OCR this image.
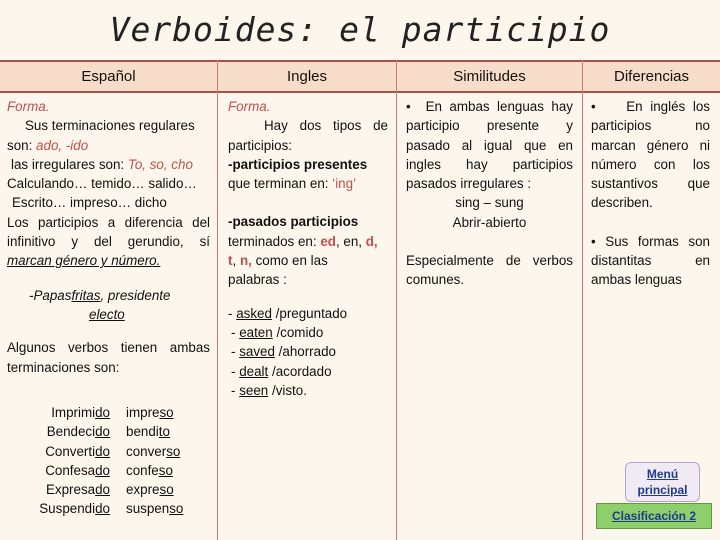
Verboides: el participio
Español
Forma.
Sus terminaciones regulares
son: ado, -ido
las irregulares son: To, so, cho
Calculando… temido… salido…
Escrito… impreso… dicho
Los participios a diferencia del
infinitivo y del gerundio, sí
marcan género y número.
-Papasfritas, presidente
electo
Algunos verbos tienen ambas terminaciones son:
Ingles
Forma.
Hay dos tipos de
participios:
-participios presentes
que terminan en: ‘ing’
-pasados participios
terminados en: ed, en, d,
t, n, como en las
palabras :
- asked /preguntado
- eaten /comido
- saved /ahorrado
- dealt /acordado
- seen /visto.
Similitudes
• En ambas lenguas hay
participio presente y
pasado al igual que en
ingles hay participios
pasados irregulares :
sing – sung
Abrir-abierto
Especialmente de verbos
comunes.
Diferencias
• En inglés los
participios no
marcan género ni
número con los
sustantivos que
describen.
• Sus formas son
distantitas en
ambas lenguas
Imprimido	impreso
Bendecido	bendito
Convertido	converso
Confesado	confeso
Expresado	expreso
Suspendido	suspenso
Menú
principal
Clasificación 2
